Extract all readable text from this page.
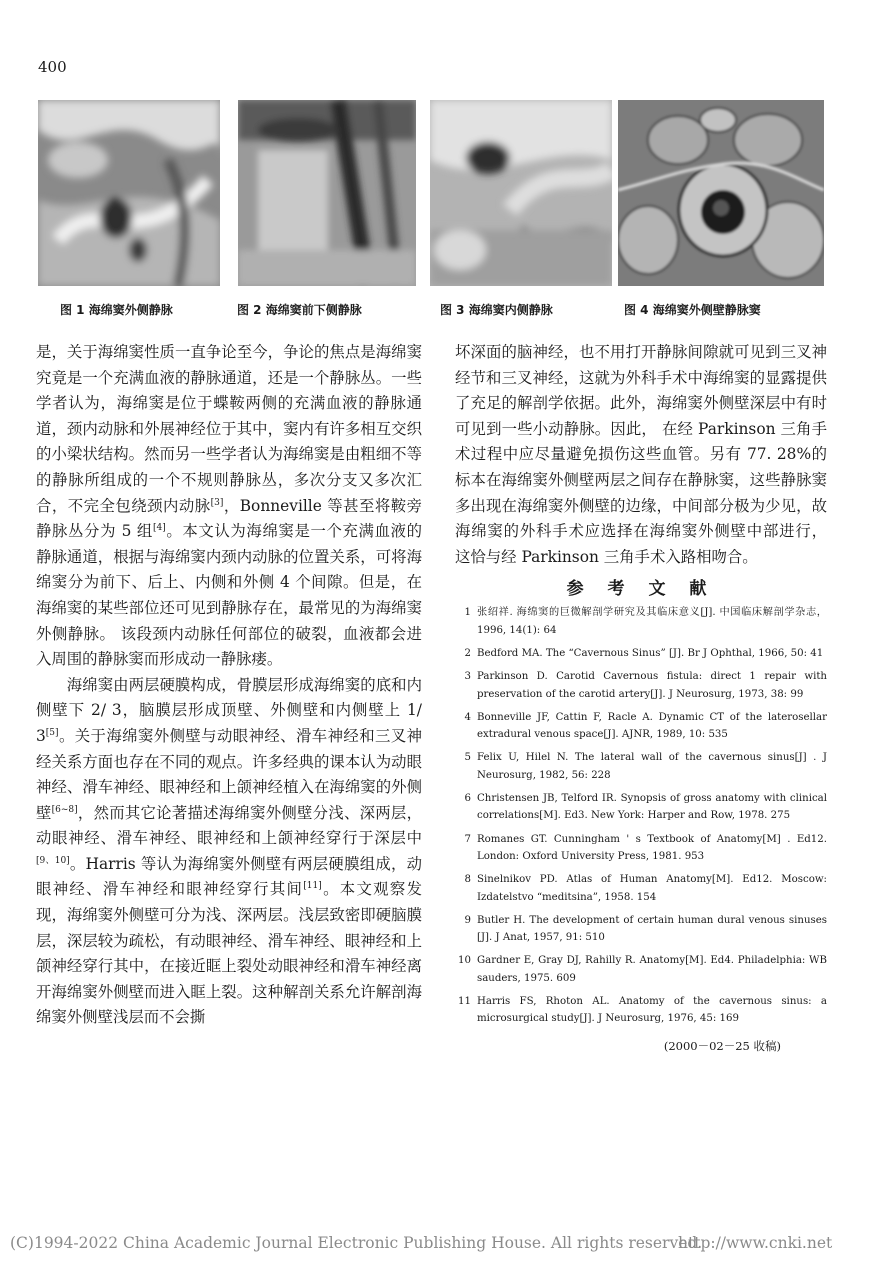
400
图 1 海绵窦外侧静脉	图 2 海绵窦前下侧静脉	图 3 海绵窦内侧静脉	图 4 海绵窦外侧壁静脉窦

是，关于海绵窦性质一直争论至今，争论的焦点是海绵窦究竟是一个充满血液的静脉通道，还是一个静脉丛。一些学者认为，海绵窦是位于蝶鞍两侧的充满血液的静脉通道，颈内动脉和外展神经位于其中，窦内有许多相互交织的小梁状结构。然而另一些学者认为海绵窦是由粗细不等的静脉所组成的一个不规则静脉丛，多次分支又多次汇合，不完全包绕颈内动脉[3]，Bonneville 等甚至将鞍旁静脉丛分为 5 组[4]。本文认为海绵窦是一个充满血液的静脉通道，根据与海绵窦内颈内动脉的位置关系，可将海绵窦分为前下、后上、内侧和外侧 4 个间隙。但是，在海绵窦的某些部位还可见到静脉存在，最常见的为海绵窦外侧静脉。 该段颈内动脉任何部位的破裂，血液都会进入周围的静脉窦而形成动一静脉瘘。

海绵窦由两层硬膜构成，骨膜层形成海绵窦的底和内侧壁下 2/ 3，脑膜层形成顶壁、外侧壁和内侧壁上 1/ 3[5]。关于海绵窦外侧壁与动眼神经、滑车神经和三叉神经关系方面也存在不同的观点。许多经典的课本认为动眼神经、滑车神经、眼神经和上颌神经植入在海绵窦的外侧壁[6~8]，然而其它论著描述海绵窦外侧壁分浅、深两层，动眼神经、滑车神经、眼神经和上颌神经穿行于深层中[9、10]。Harris 等认为海绵窦外侧壁有两层硬膜组成，动眼神经、滑车神经和眼神经穿行其间[11]。本文观察发现，海绵窦外侧壁可分为浅、深两层。浅层致密即硬脑膜层，深层较为疏松，有动眼神经、滑车神经、眼神经和上颌神经穿行其中，在接近眶上裂处动眼神经和滑车神经离开海绵窦外侧壁而进入眶上裂。这种解剖关系允许解剖海绵窦外侧壁浅层而不会撕

坏深面的脑神经，也不用打开静脉间隙就可见到三叉神经节和三叉神经，这就为外科手术中海绵窦的显露提供了充足的解剖学依据。此外，海绵窦外侧壁深层中有时可见到一些小动静脉。因此， 在经 Parkinson 三角手术过程中应尽量避免损伤这些血管。另有 77. 28%的标本在海绵窦外侧壁两层之间存在静脉窦，这些静脉窦多出现在海绵窦外侧壁的边缘，中间部分极为少见，故海绵窦的外科手术应选择在海绵窦外侧壁中部进行， 这恰与经 Parkinson 三角手术入路相吻合。

参 考 文 献
1 张绍祥. 海绵窦的巨微解剖学研究及其临床意义[J]. 中国临床解剖学杂志，1996, 14(1): 64
2 Bedford MA. The “Cavernous Sinus” [J]. Br J Ophthal, 1966, 50: 41
3 Parkinson D. Carotid Cavernous fistula: direct 1 repair with preservation of the carotid artery[J]. J Neurosurg, 1973, 38: 99
4 Bonneville JF, Cattin F, Racle A. Dynamic CT of the laterosellar extradural venous space[J]. AJNR, 1989, 10: 535
5 Felix U, Hilel N. The lateral wall of the cavernous sinus[J] . J Neurosurg, 1982, 56: 228
6 Christensen JB, Telford IR. Synopsis of gross anatomy with clinical correlations[M]. Ed3. New York: Harper and Row, 1978. 275
7 Romanes GT. Cunningham ' s Textbook of Anatomy[M] . Ed12. London: Oxford University Press, 1981. 953
8 Sinelnikov PD. Atlas of Human Anatomy[M]. Ed12. Moscow: Izdatelstvo “meditsina”, 1958. 154
9 Butler H. The development of certain human dural venous sinuses [J]. J Anat, 1957, 91: 510
10 Gardner E, Gray DJ, Rahilly R. Anatomy[M]. Ed4. Philadelphia: WB sauders, 1975. 609
11 Harris FS, Rhoton AL. Anatomy of the cavernous sinus: a microsurgical study[J]. J Neurosurg, 1976, 45: 169
(2000－02－25 收稿)
(C)1994-2022 China Academic Journal Electronic Publishing House. All rights reserved.
http://www.cnki.net
